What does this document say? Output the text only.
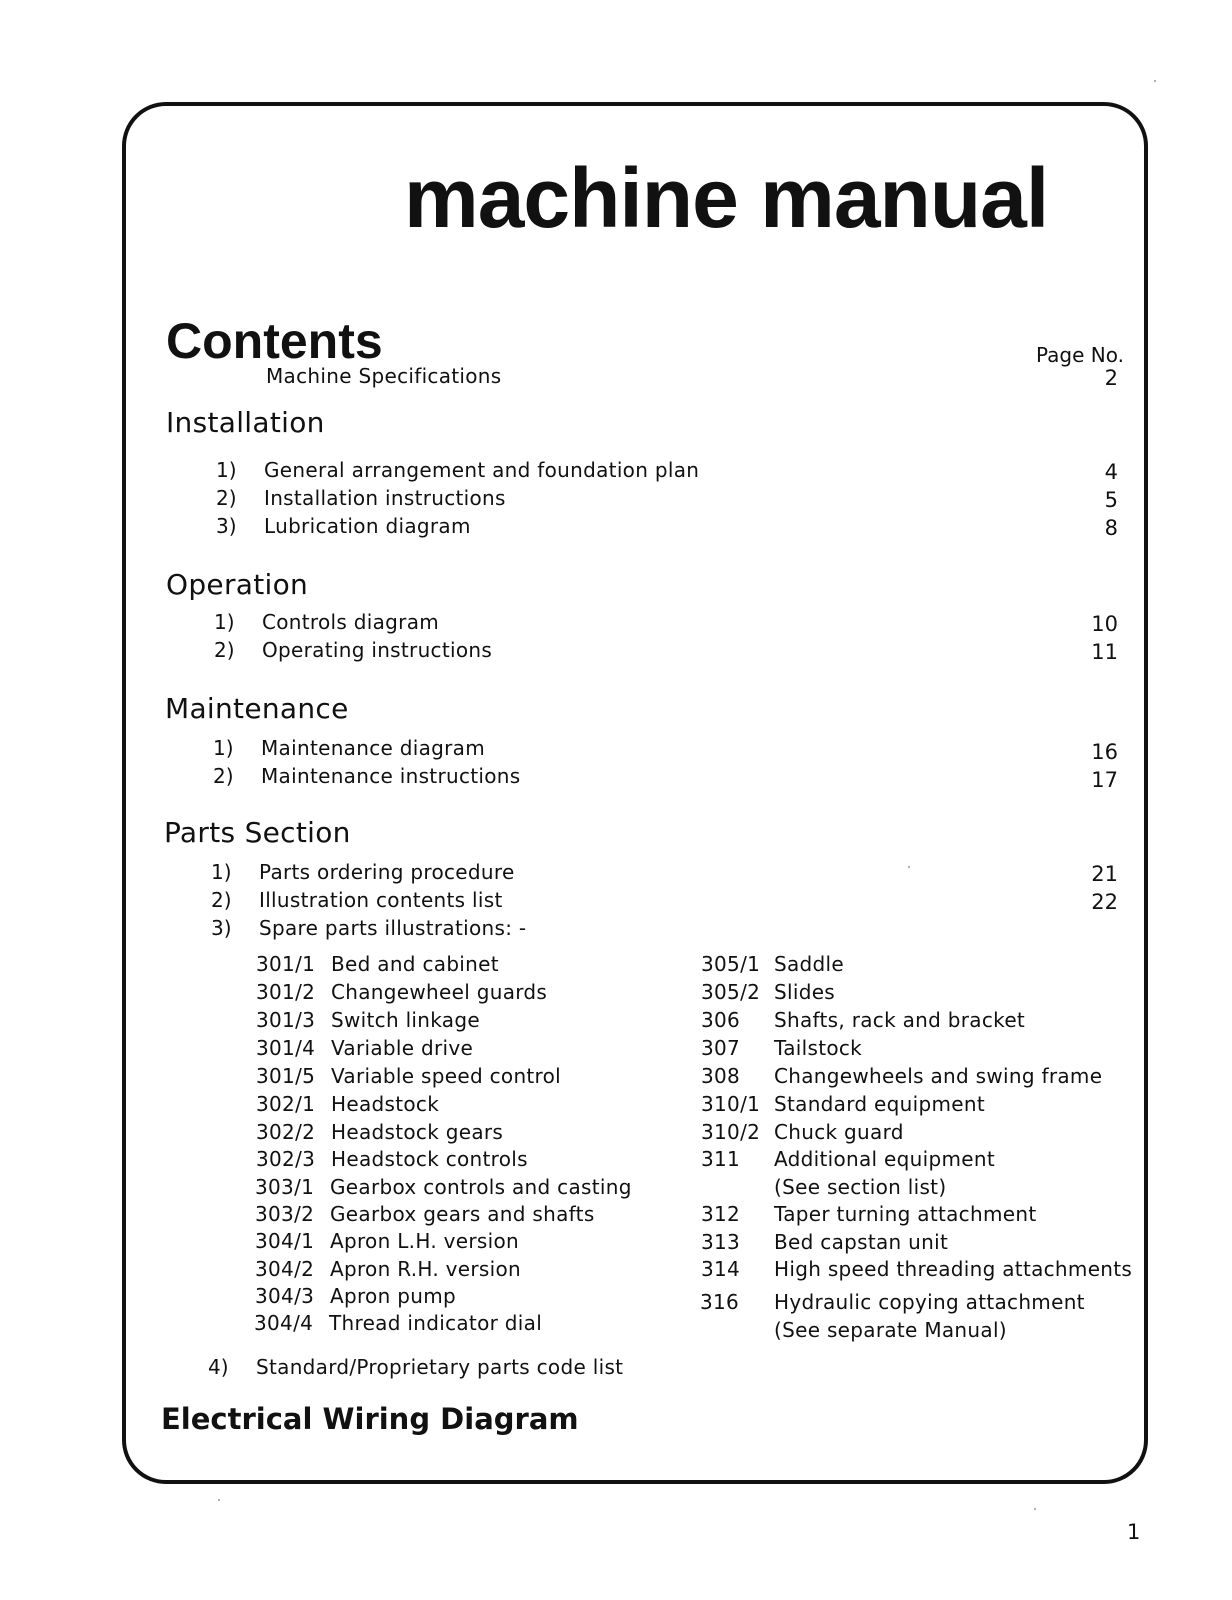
machine manual
Contents	Page No.
Machine Specifications	2
Installation
1) General arrangement and foundation plan	4
2) Installation instructions	5
3) Lubrication diagram	8
Operation
1) Controls diagram	10
2) Operating instructions	11
Maintenance
1) Maintenance diagram	16
2) Maintenance instructions	17
Parts Section
1) Parts ordering procedure	21
2) Illustration contents list	22
3) Spare parts illustrations: -
301/1 Bed and cabinet
301/2 Changewheel guards
301/3 Switch linkage
301/4 Variable drive
301/5 Variable speed control
302/1 Headstock
302/2 Headstock gears
302/3 Headstock controls
303/1 Gearbox controls and casting
303/2 Gearbox gears and shafts
304/1 Apron L.H. version
304/2 Apron R.H. version
304/3 Apron pump
304/4 Thread indicator dial
305/1 Saddle
305/2 Slides
306 Shafts, rack and bracket
307 Tailstock
308 Changewheels and swing frame
310/1 Standard equipment
310/2 Chuck guard
311 Additional equipment
(See section list)
312 Taper turning attachment
313 Bed capstan unit
314 High speed threading attachments
316 Hydraulic copying attachment
(See separate Manual)
4) Standard/Proprietary parts code list
Electrical Wiring Diagram
1
